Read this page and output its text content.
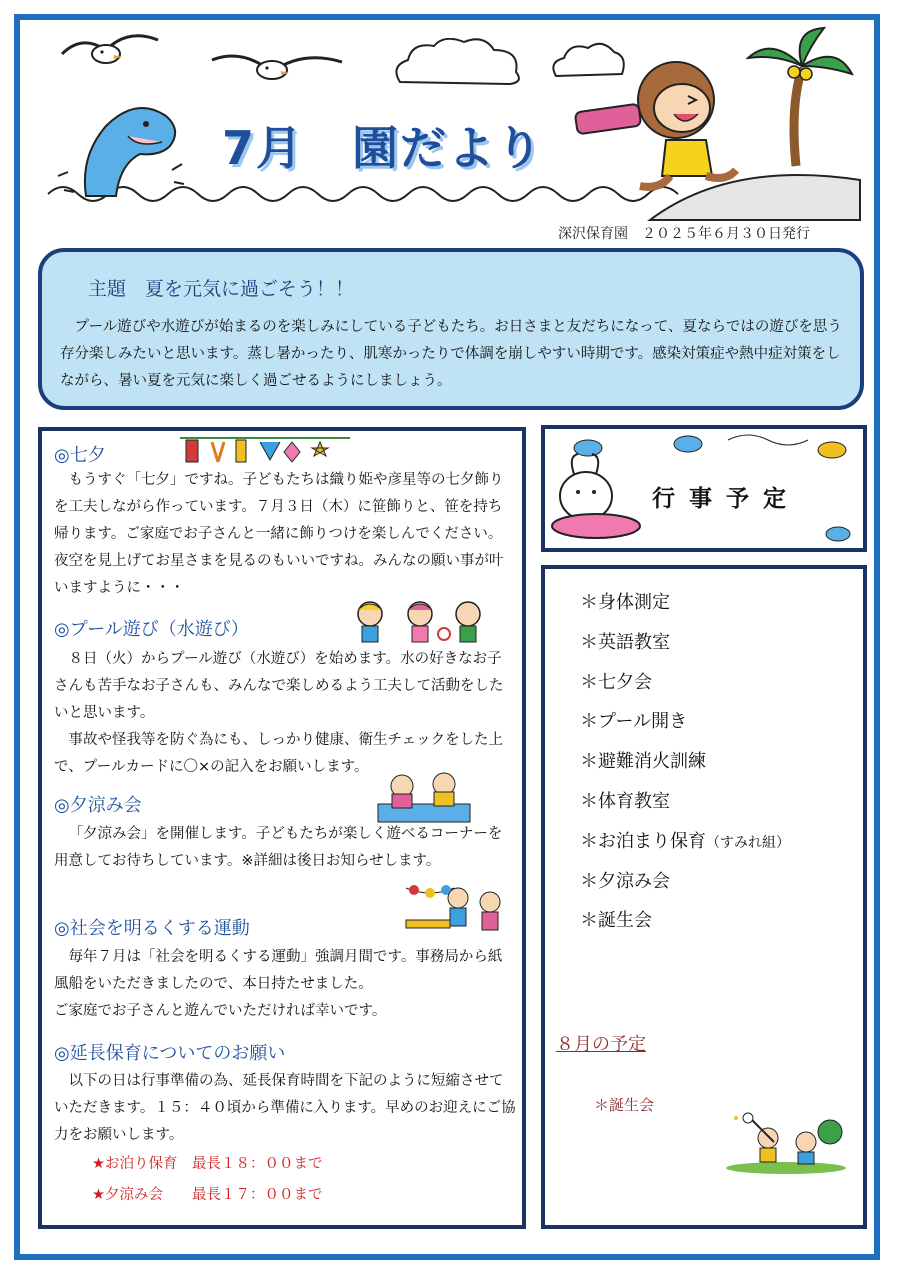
7月　園だより
深沢保育園　２０２５年６月３０日発行
主題　夏を元気に過ごそう！！

プール遊びや水遊びが始まるのを楽しみにしている子どもたち。お日さまと友だちになって、夏ならではの遊びを思う存分楽しみたいと思います。蒸し暑かったり、肌寒かったりで体調を崩しやすい時期です。感染対策症や熱中症対策をしながら、暑い夏を元気に楽しく過ごせるようにしましょう。

◎七夕

もうすぐ「七夕」ですね。子どもたちは織り姫や彦星等の七夕飾りを工夫しながら作っています。７月３日（木）に笹飾りと、笹を持ち帰ります。ご家庭でお子さんと一緒に飾りつけを楽しんでください。夜空を見上げてお星さまを見るのもいいですね。みんなの願い事が叶いますように・・・

◎プール遊び（水遊び）

８日（火）からプール遊び（水遊び）を始めます。水の好きなお子さんも苦手なお子さんも、みんなで楽しめるよう工夫して活動をしたいと思います。

事故や怪我等を防ぐ為にも、しっかり健康、衛生チェックをした上で、プールカードに〇×の記入をお願いします。

◎夕涼み会

「夕涼み会」を開催します。子どもたちが楽しく遊べるコーナーを用意してお待ちしています。※詳細は後日お知らせします。

◎社会を明るくする運動

毎年７月は「社会を明るくする運動」強調月間です。事務局から紙風船をいただきましたので、本日持たせました。

ご家庭でお子さんと遊んでいただければ幸いです。

◎延長保育についてのお願い

以下の日は行事準備の為、延長保育時間を下記のように短縮させていただきます。１５：４０頃から準備に入ります。早めのお迎えにご協力をお願いします。

★お泊り保育　最長１８：００まで
★夕涼み会　　最長１７：００まで
行事予定
＊身体測定
＊英語教室
＊七夕会
＊プール開き
＊避難消火訓練
＊体育教室
＊お泊まり保育（すみれ組）
＊夕涼み会
＊誕生会
８月の予定
＊誕生会
